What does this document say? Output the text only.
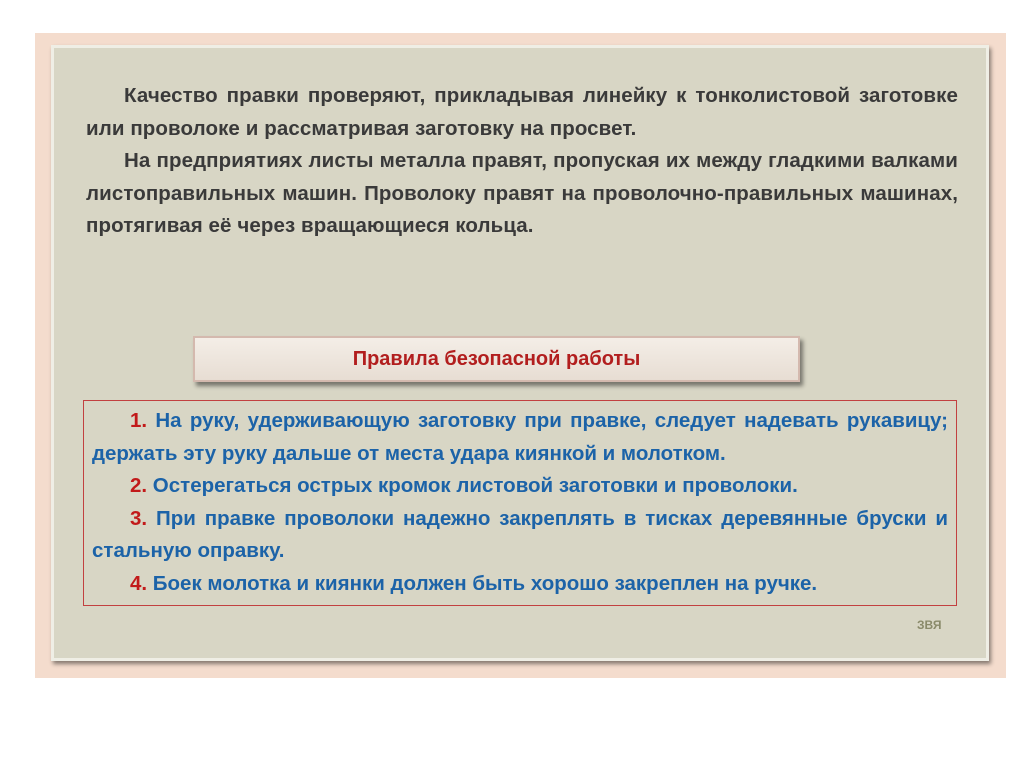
Качество правки проверяют, прикладывая линейку к тонколистовой заготовке или проволоке и рассматривая заготовку на просвет.

На предприятиях листы металла правят, пропуская их между гладкими валками листоправильных машин. Проволоку правят на проволочно-правильных машинах, протягивая её через вращающиеся кольца.

Правила безопасной работы

1. На руку, удерживающую заготовку при правке, следует надевать рукавицу; держать эту руку дальше от места удара киянкой и молотком.

2. Остерегаться острых кромок листовой заготовки и проволоки.

3. При правке проволоки надежно закреплять в тисках деревянные бруски и стальную оправку.

4. Боек молотка и киянки должен быть хорошо закреплен на ручке.

ЗВЯ
